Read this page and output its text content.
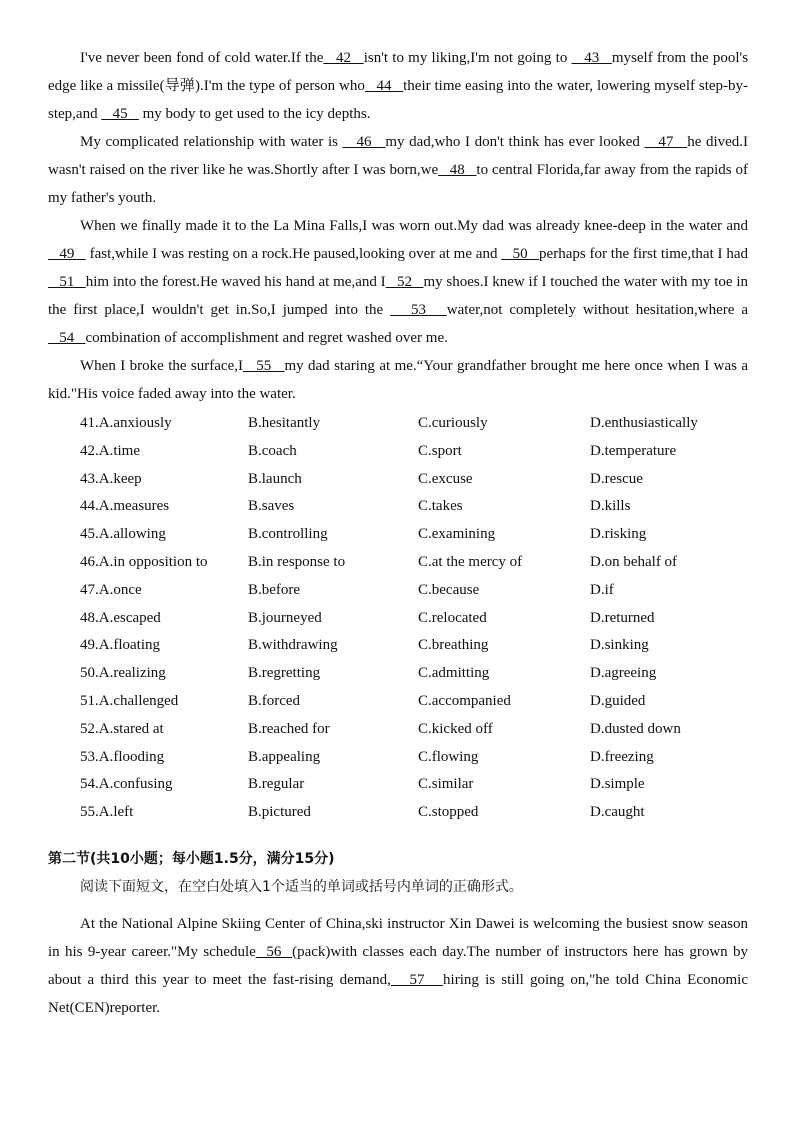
I've never been fond of cold water.If the   42   isn't to my liking,I'm not going to    43   myself from the pool's edge like a missile(导弹).I'm the type of person who   44   their time easing into the water, lowering myself step-by-step,and    45    my body to get used to the icy depths.

My complicated relationship with water is    46   my dad,who I don't think has ever looked    47   he dived.I wasn't raised on the river like he was.Shortly after I was born,we   48   to central Florida,far away from the rapids of my father's youth.

When we finally made it to the La Mina Falls,I was worn out.My dad was already knee-deep in the water and    49    fast,while I was resting on a rock.He paused,looking over at me and    50   perhaps for the first time,that I had   51   him into the forest.He waved his hand at me,and I   52   my shoes.I knew if I touched the water with my toe in the first place,I wouldn't get in.So,I jumped into the    53   water,not completely without hesitation,where a   54   combination of accomplishment and regret washed over me.

When I broke the surface,I   55   my dad staring at me.“Your grandfather brought me here once when I was a kid."His voice faded away into the water.

41.A.anxiously	B.hesitantly	C.curiously	D.enthusiastically
42.A.time	B.coach	C.sport	D.temperature
43.A.keep	B.launch	C.excuse	D.rescue
44.A.measures	B.saves	C.takes	D.kills
45.A.allowing	B.controlling	C.examining	D.risking
46.A.in opposition to	B.in response to	C.at the mercy of	D.on behalf of
47.A.once	B.before	C.because	D.if
48.A.escaped	B.journeyed	C.relocated	D.returned
49.A.floating	B.withdrawing	C.breathing	D.sinking
50.A.realizing	B.regretting	C.admitting	D.agreeing
51.A.challenged	B.forced	C.accompanied	D.guided
52.A.stared at	B.reached for	C.kicked off	D.dusted down
53.A.flooding	B.appealing	C.flowing	D.freezing
54.A.confusing	B.regular	C.similar	D.simple
55.A.left	B.pictured	C.stopped	D.caught
第二节(共10小题；每小题1.5分，满分15分)
阅读下面短文，在空白处填入1个适当的单词或括号内单词的正确形式。

At the National Alpine Skiing Center of China,ski instructor Xin Dawei is welcoming the busiest snow season in his 9-year career."My schedule  56  (pack)with classes each day.The number of instructors here has grown by about a third this year to meet the fast-rising demand,   57   hiring is still going on,"he told China Economic Net(CEN)reporter.
